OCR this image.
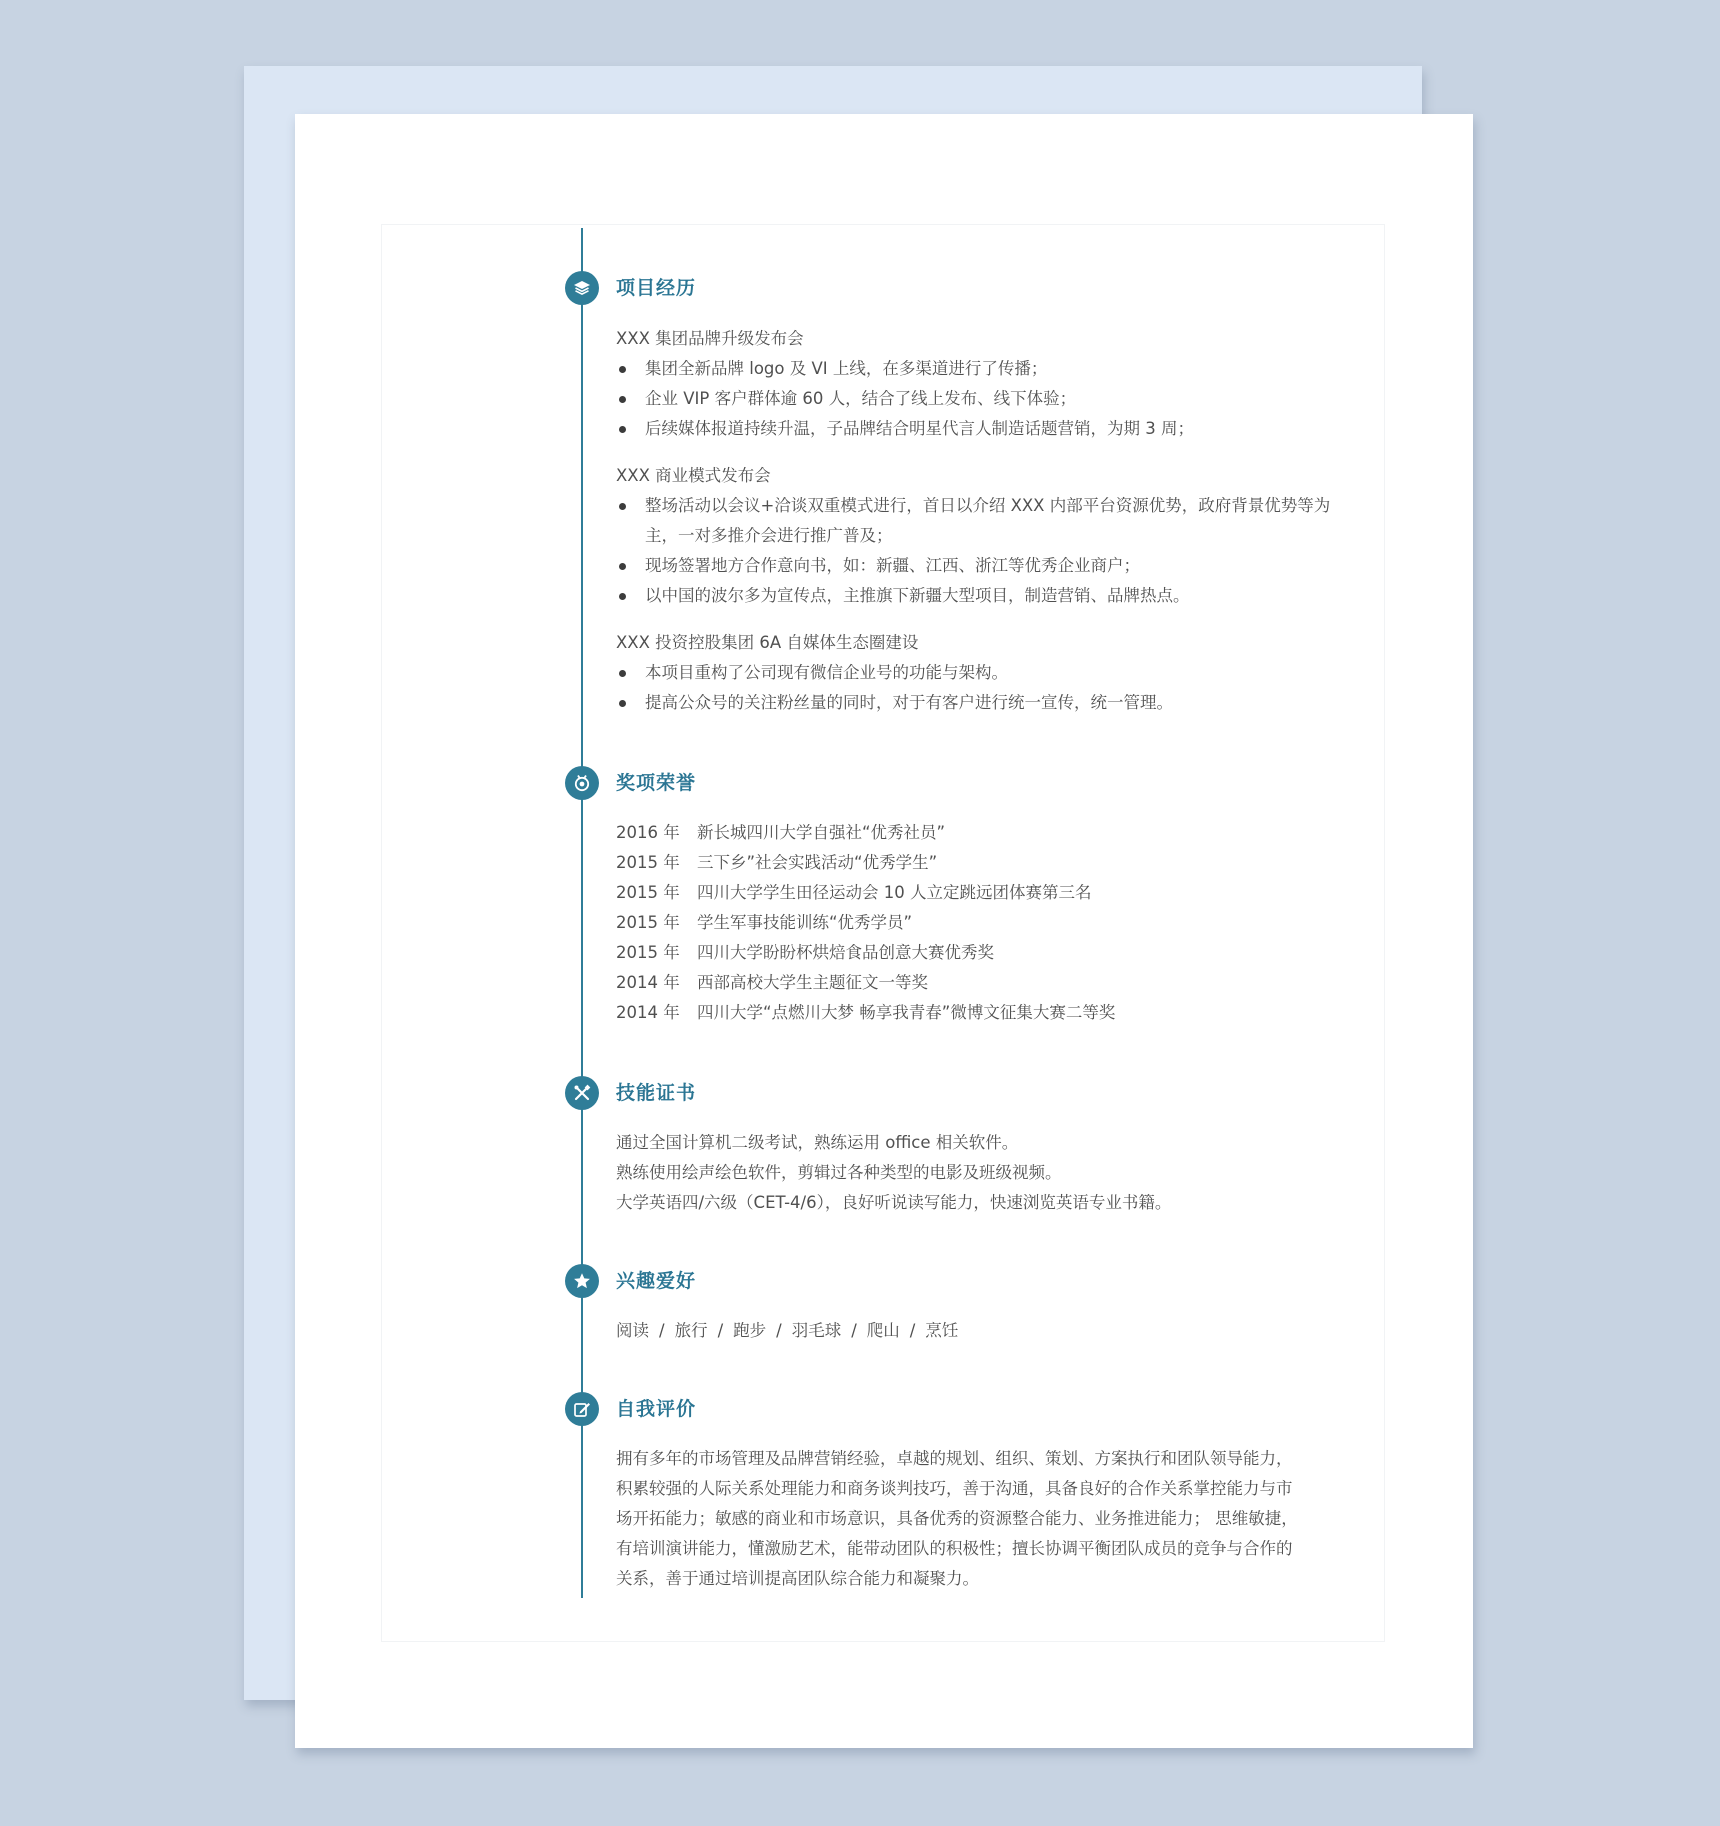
项目经历
XXX 集团品牌升级发布会
集团全新品牌 logo 及 VI 上线，在多渠道进行了传播；
企业 VIP 客户群体逾 60 人，结合了线上发布、线下体验；
后续媒体报道持续升温，子品牌结合明星代言人制造话题营销，为期 3 周；
XXX 商业模式发布会
整场活动以会议+洽谈双重模式进行，首日以介绍 XXX 内部平台资源优势，政府背景优势等为主，一对多推介会进行推广普及；
现场签署地方合作意向书，如：新疆、江西、浙江等优秀企业商户；
以中国的波尔多为宣传点，主推旗下新疆大型项目，制造营销、品牌热点。
XXX 投资控股集团 6A 自媒体生态圈建设
本项目重构了公司现有微信企业号的功能与架构。
提高公众号的关注粉丝量的同时，对于有客户进行统一宣传，统一管理。
奖项荣誉
2016 年 新长城四川大学自强社“优秀社员”
2015 年 三下乡”社会实践活动“优秀学生”
2015 年 四川大学学生田径运动会 10 人立定跳远团体赛第三名
2015 年 学生军事技能训练“优秀学员”
2015 年 四川大学盼盼杯烘焙食品创意大赛优秀奖
2014 年 西部高校大学生主题征文一等奖
2014 年 四川大学“点燃川大梦 畅享我青春”微博文征集大赛二等奖
技能证书
通过全国计算机二级考试，熟练运用 office 相关软件。
熟练使用绘声绘色软件，剪辑过各种类型的电影及班级视频。
大学英语四/六级（CET-4/6），良好听说读写能力，快速浏览英语专业书籍。
兴趣爱好
阅读 / 旅行 / 跑步 / 羽毛球 / 爬山 / 烹饪
自我评价
拥有多年的市场管理及品牌营销经验，卓越的规划、组织、策划、方案执行和团队领导能力，
积累较强的人际关系处理能力和商务谈判技巧，善于沟通，具备良好的合作关系掌控能力与市
场开拓能力；敏感的商业和市场意识，具备优秀的资源整合能力、业务推进能力； 思维敏捷，
有培训演讲能力，懂激励艺术，能带动团队的积极性；擅长协调平衡团队成员的竞争与合作的
关系，善于通过培训提高团队综合能力和凝聚力。
